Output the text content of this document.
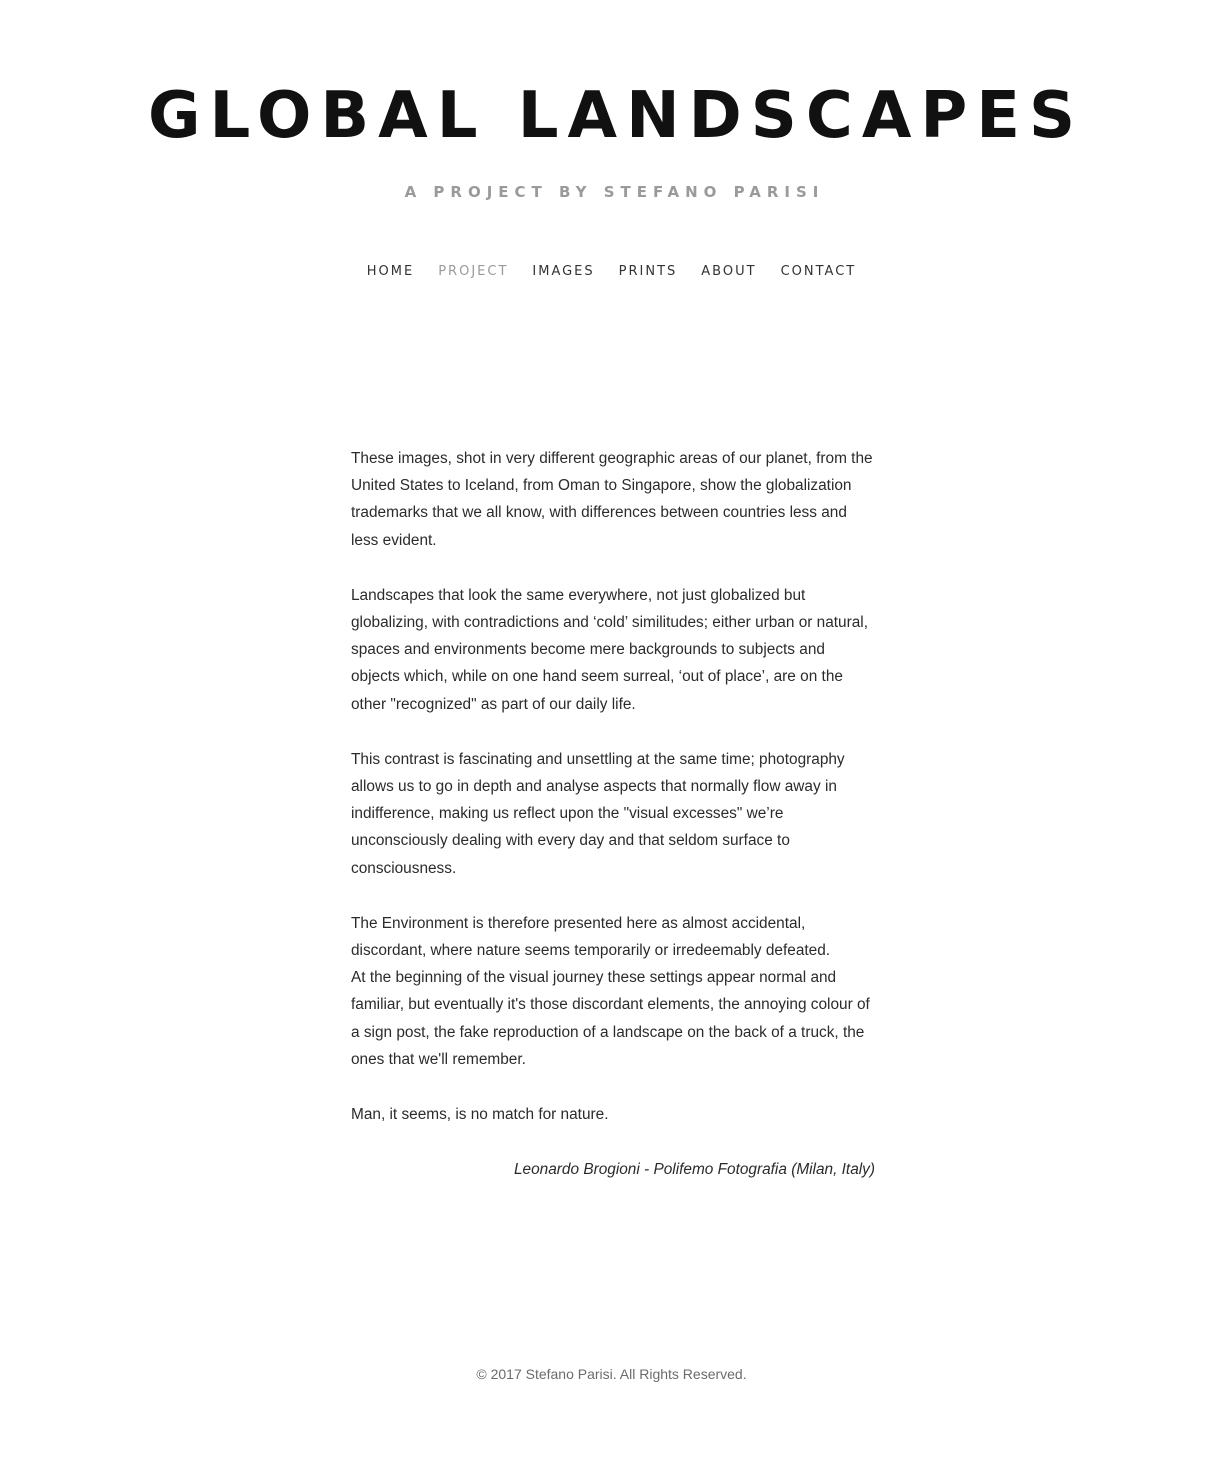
GLOBAL LANDSCAPES
A PROJECT BY STEFANO PARISI
HOME PROJECT IMAGES PRINTS ABOUT CONTACT

These images, shot in very different geographic areas of our planet, from the United States to Iceland, from Oman to Singapore, show the globalization trademarks that we all know, with differences between countries less and less evident.

Landscapes that look the same everywhere, not just globalized but globalizing, with contradictions and ‘cold’ similitudes; either urban or natural, spaces and environments become mere backgrounds to subjects and objects which, while on one hand seem surreal, ‘out of place’, are on the other "recognized" as part of our daily life.

This contrast is fascinating and unsettling at the same time; photography allows us to go in depth and analyse aspects that normally flow away in indifference, making us reflect upon the "visual excesses" we’re unconsciously dealing with every day and that seldom surface to consciousness.

The Environment is therefore presented here as almost accidental, discordant, where nature seems temporarily or irredeemably defeated.
At the beginning of the visual journey these settings appear normal and familiar, but eventually it's those discordant elements, the annoying colour of a sign post, the fake reproduction of a landscape on the back of a truck, the ones that we'll remember.

Man, it seems, is no match for nature.

Leonardo Brogioni - Polifemo Fotografia (Milan, Italy)

© 2017 Stefano Parisi. All Rights Reserved.
